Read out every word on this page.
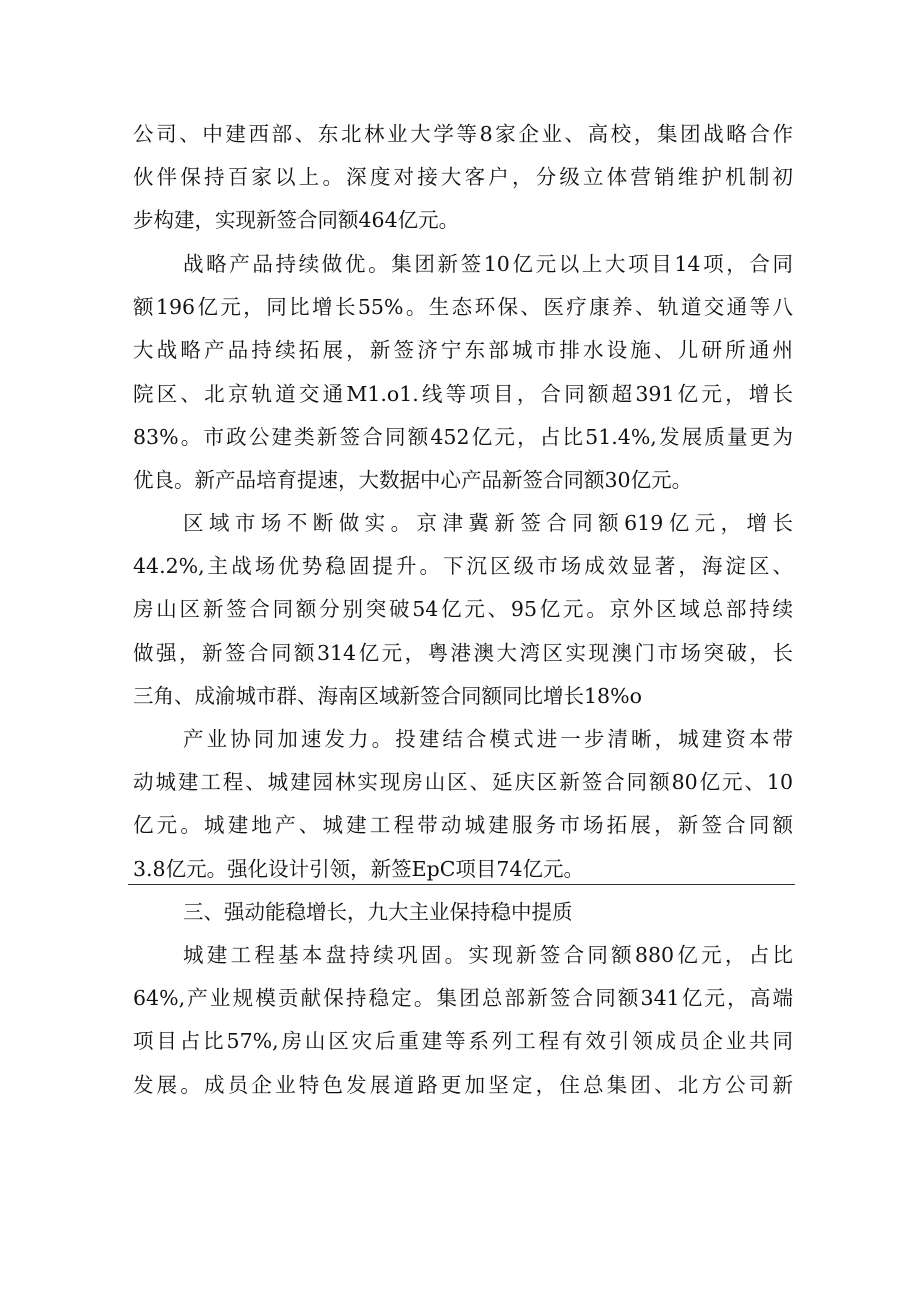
公司、中建西部、东北林业大学等8家企业、高校，集团战略合作
伙伴保持百家以上。深度对接大客户，分级立体营销维护机制初
步构建，实现新签合同额464亿元。
战略产品持续做优。集团新签10亿元以上大项目14项，合同
额196亿元，同比增长55%。生态环保、医疗康养、轨道交通等八
大战略产品持续拓展，新签济宁东部城市排水设施、儿研所通州
院区、北京轨道交通M1.o1.线等项目，合同额超391亿元，增长
83%。市政公建类新签合同额452亿元，占比51.4%,发展质量更为
优良。新产品培育提速，大数据中心产品新签合同额30亿元。
区域市场不断做实。京津冀新签合同额619亿元，增长
44.2%,主战场优势稳固提升。下沉区级市场成效显著，海淀区、
房山区新签合同额分别突破54亿元、95亿元。京外区域总部持续
做强，新签合同额314亿元，粤港澳大湾区实现澳门市场突破，长
三角、成渝城市群、海南区域新签合同额同比增长18%o
产业协同加速发力。投建结合模式进一步清晰，城建资本带
动城建工程、城建园林实现房山区、延庆区新签合同额80亿元、10
亿元。城建地产、城建工程带动城建服务市场拓展，新签合同额
3.8亿元。强化设计引领，新签EpC项目74亿元。
三、强动能稳增长，九大主业保持稳中提质
城建工程基本盘持续巩固。实现新签合同额880亿元，占比
64%,产业规模贡献保持稳定。集团总部新签合同额341亿元，高端
项目占比57%,房山区灾后重建等系列工程有效引领成员企业共同
发展。成员企业特色发展道路更加坚定，住总集团、北方公司新
